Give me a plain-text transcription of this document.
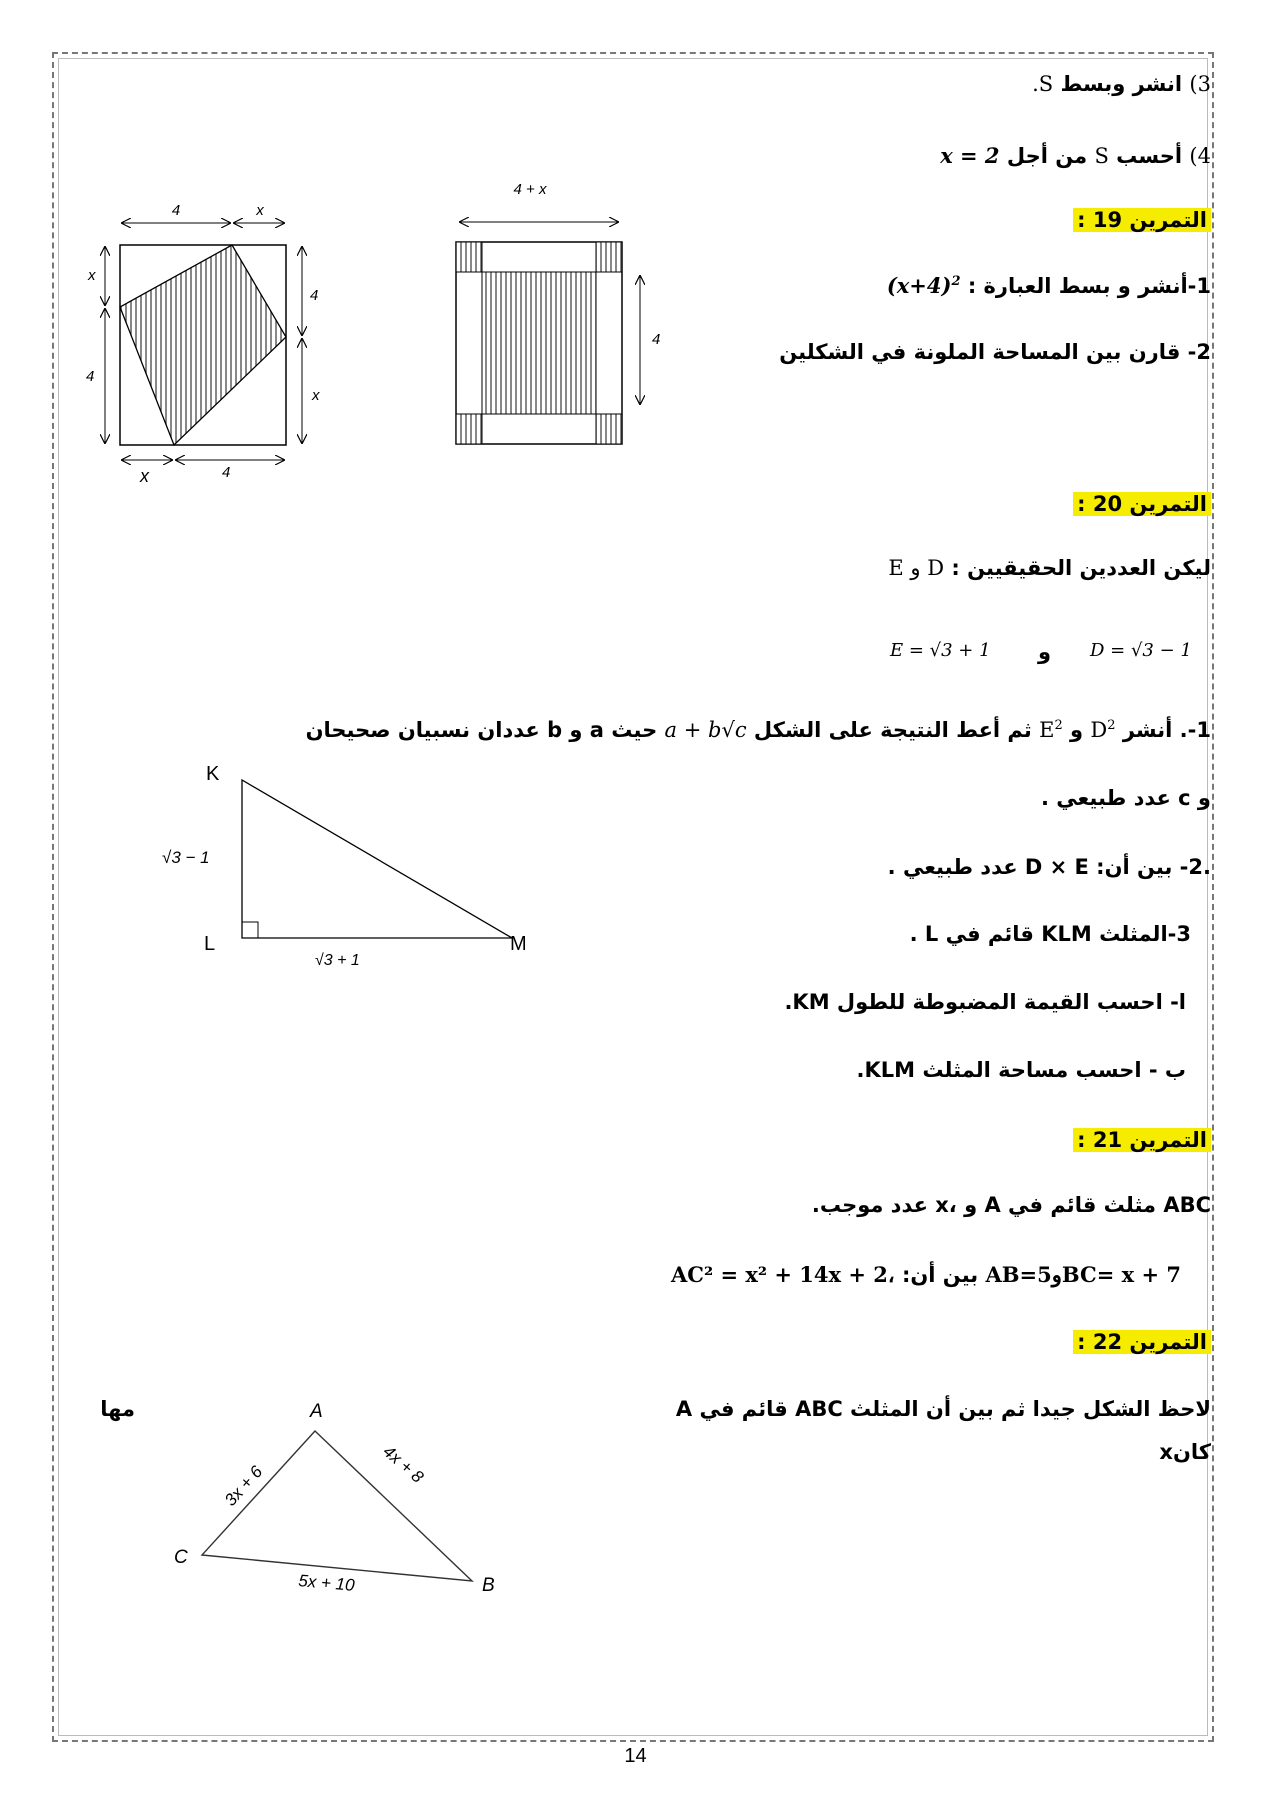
3) انشر وبسط S.
4) أحسب S من أجل x = 2
التمرين 19 :
1-أنشر و بسط العبارة : $(x+4)^2$
2- قارن بين المساحة الملونة في الشكلين
4	x
x
4
4
x
x	4
4 + x
4
التمرين 20 :
ليكن العددين الحقيقيين : D و E
D = √3 − 1
و
E = √3 + 1
1-. أنشر $D^2$ و $E^2$ ثم أعط النتيجة على الشكل a + b√c حيث a و b عددان نسبيان صحيحان
و c عدد طبيعي .
.2- بين أن: D × E عدد طبيعي .
3-المثلث KLM قائم في L .
ا- احسب القيمة المضبوطة للطول KM.
ب - احسب مساحة المثلث KLM.
K
L	M
√3 − 1
√3 + 1
التمرين 21 :
ABC مثلث قائم في A و ،x عدد موجب.
AB=5وBC= x + 7 بين أن: AC² = x² + 14x + 2،
التمرين 22 :
لاحظ الشكل جيدا ثم بين أن المثلث ABC قائم في A
مها
كانx
A
C
B
3x + 6	4x + 8
5x + 10
14
